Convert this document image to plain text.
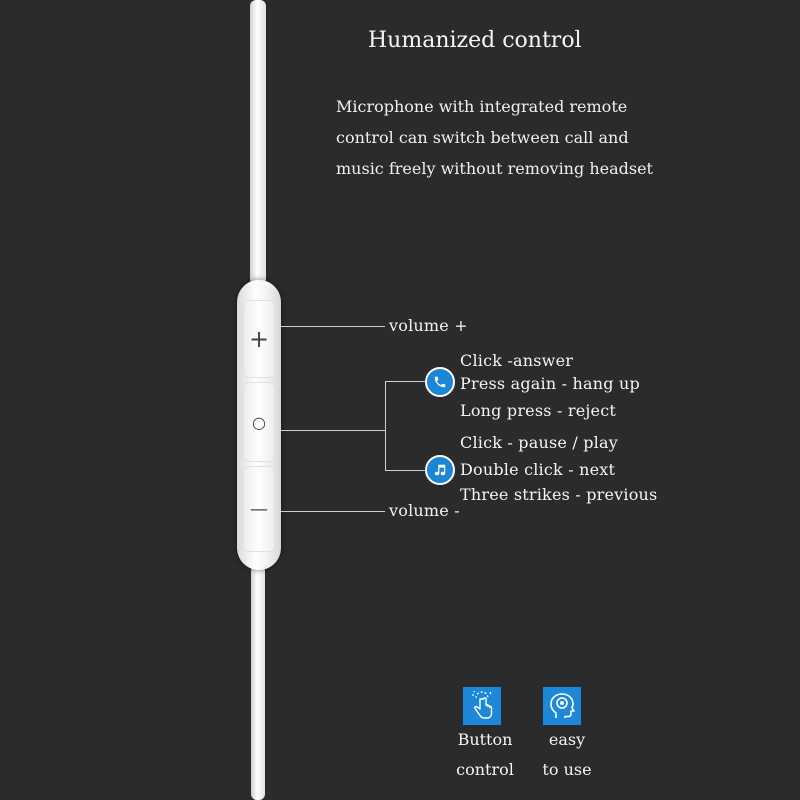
+
○
—
Humanized control
Microphone with integrated remote
control can switch between call and
music freely without removing headset
volume +
volume -
Click -answer
Press again - hang up
Long press - reject
Click - pause / play
Double click - next
Three strikes - previous
Button
control
easy
to use
